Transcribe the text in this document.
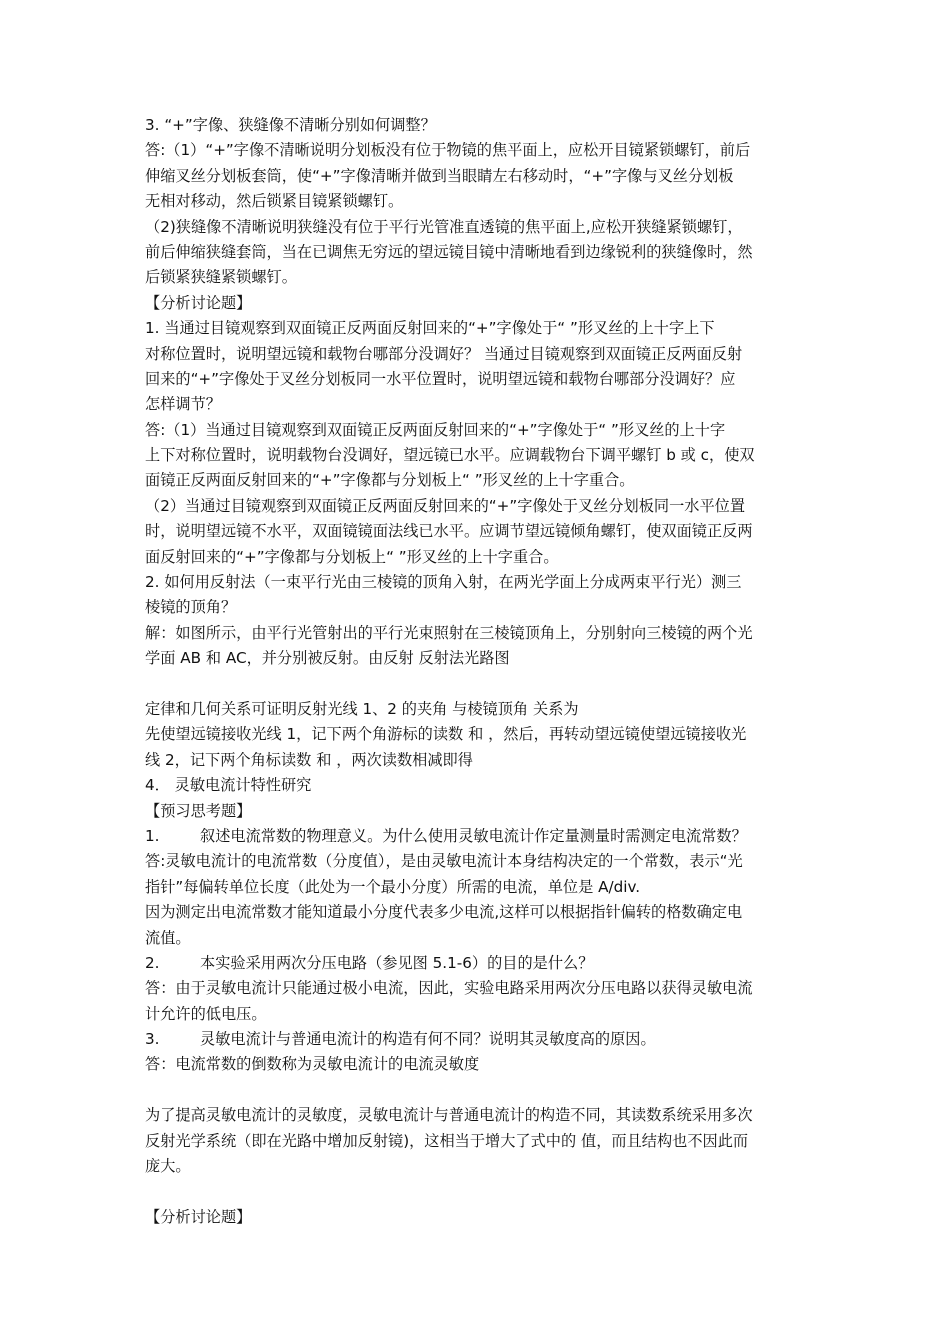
3. “+”字像、狭缝像不清晰分别如何调整？
答:（1）“+”字像不清晰说明分划板没有位于物镜的焦平面上，应松开目镜紧锁螺钉，前后
伸缩叉丝分划板套筒，使“+”字像清晰并做到当眼睛左右移动时，“+”字像与叉丝分划板
无相对移动，然后锁紧目镜紧锁螺钉。
（2)狭缝像不清晰说明狭缝没有位于平行光管准直透镜的焦平面上,应松开狭缝紧锁螺钉，
前后伸缩狭缝套筒，当在已调焦无穷远的望远镜目镜中清晰地看到边缘锐利的狭缝像时，然
后锁紧狭缝紧锁螺钉。
【分析讨论题】
1. 当通过目镜观察到双面镜正反两面反射回来的“+”字像处于“ ”形叉丝的上十字上下
对称位置时，说明望远镜和载物台哪部分没调好？ 当通过目镜观察到双面镜正反两面反射
回来的“+”字像处于叉丝分划板同一水平位置时，说明望远镜和载物台哪部分没调好？应
怎样调节？
答:（1）当通过目镜观察到双面镜正反两面反射回来的“+”字像处于“ ”形叉丝的上十字
上下对称位置时，说明载物台没调好，望远镜已水平。应调载物台下调平螺钉 b 或 c，使双
面镜正反两面反射回来的“+”字像都与分划板上“ ”形叉丝的上十字重合。
（2）当通过目镜观察到双面镜正反两面反射回来的“+”字像处于叉丝分划板同一水平位置
时，说明望远镜不水平，双面镜镜面法线已水平。应调节望远镜倾角螺钉，使双面镜正反两
面反射回来的“+”字像都与分划板上“ ”形叉丝的上十字重合。
2. 如何用反射法（一束平行光由三棱镜的顶角入射，在两光学面上分成两束平行光）测三
棱镜的顶角？
解：如图所示，由平行光管射出的平行光束照射在三棱镜顶角上，分别射向三棱镜的两个光
学面 AB 和 AC，并分别被反射。由反射 反射法光路图
定律和几何关系可证明反射光线 1、2 的夹角 与棱镜顶角 关系为
先使望远镜接收光线 1，记下两个角游标的读数 和 ，然后，再转动望远镜使望远镜接收光
线 2，记下两个角标读数 和 ，两次读数相减即得
4． 灵敏电流计特性研究
【预习思考题】
1.	叙述电流常数的物理意义。为什么使用灵敏电流计作定量测量时需测定电流常数？
答:灵敏电流计的电流常数（分度值），是由灵敏电流计本身结构决定的一个常数，表示“光
指针”每偏转单位长度（此处为一个最小分度）所需的电流，单位是 A/div.
因为测定出电流常数才能知道最小分度代表多少电流,这样可以根据指针偏转的格数确定电
流值。
2.	本实验采用两次分压电路（参见图 5.1-6）的目的是什么？
答：由于灵敏电流计只能通过极小电流，因此，实验电路采用两次分压电路以获得灵敏电流
计允许的低电压。
3.	灵敏电流计与普通电流计的构造有何不同？说明其灵敏度高的原因。
答：电流常数的倒数称为灵敏电流计的电流灵敏度
为了提高灵敏电流计的灵敏度，灵敏电流计与普通电流计的构造不同，其读数系统采用多次
反射光学系统（即在光路中增加反射镜)，这相当于增大了式中的 值，而且结构也不因此而
庞大。
【分析讨论题】
